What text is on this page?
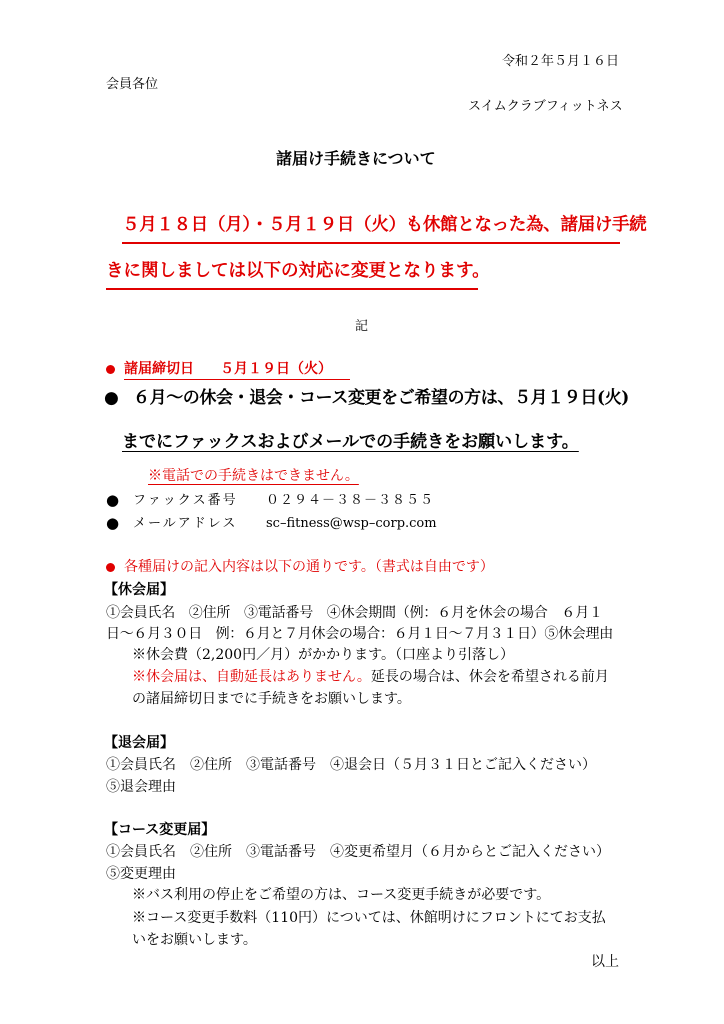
令和２年５月１６日
会員各位
スイムクラブフィットネス
諸届け手続きについて
５月１８日（月）・５月１９日（火）も休館となった為、諸届け手続
きに関しましては以下の対応に変更となります。
記
諸届締切日 ５月１９日（火）
● ６月～の休会・退会・コース変更をご希望の方は、５月１９日(火)
までにファックスおよびメールでの手続きをお願いします。
※電話での手続きはできません。
● ファックス番号 ０２９４－３８－３８５５
● メールアドレス sc–fitness@wsp–corp.com
各種届けの記入内容は以下の通りです。（書式は自由です）
【休会届】
①会員氏名　②住所　③電話番号　④休会期間（例：６月を休会の場合　６月１
日～６月３０日　例：６月と７月休会の場合：６月１日～７月３１日）⑤休会理由
※休会費（2,200円／月）がかかります。（口座より引落し）
※休会届は、自動延長はありません。延長の場合は、休会を希望される前月
の諸届締切日までに手続きをお願いします。
【退会届】
①会員氏名　②住所　③電話番号　④退会日（５月３１日とご記入ください）
⑤退会理由
【コース変更届】
①会員氏名　②住所　③電話番号　④変更希望月（６月からとご記入ください）
⑤変更理由
※バス利用の停止をご希望の方は、コース変更手続きが必要です。
※コース変更手数料（110円）については、休館明けにフロントにてお支払
いをお願いします。
以上
